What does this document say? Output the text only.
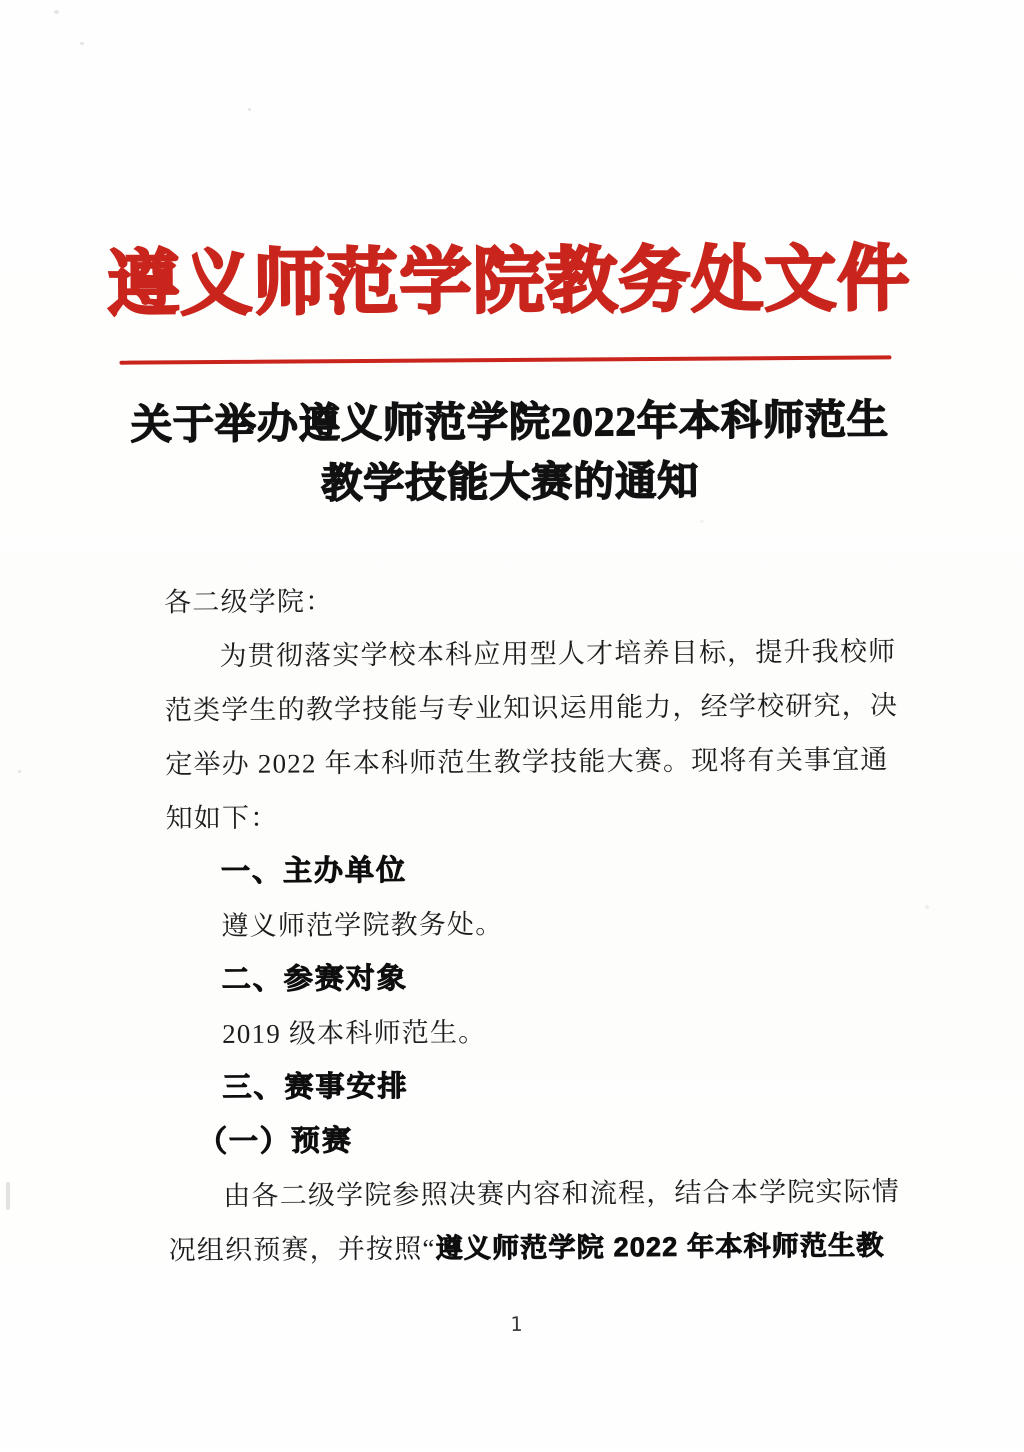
遵义师范学院教务处文件
关于举办遵义师范学院2022年本科师范生
教学技能大赛的通知
各二级学院：
为贯彻落实学校本科应用型人才培养目标，提升我校师
范类学生的教学技能与专业知识运用能力，经学校研究，决
定举办 2022 年本科师范生教学技能大赛。现将有关事宜通
知如下：
一、主办单位
遵义师范学院教务处。
二、参赛对象
2019 级本科师范生。
三、赛事安排
（一）预赛
由各二级学院参照决赛内容和流程，结合本学院实际情
况组织预赛，并按照“遵义师范学院 2022 年本科师范生教
1
